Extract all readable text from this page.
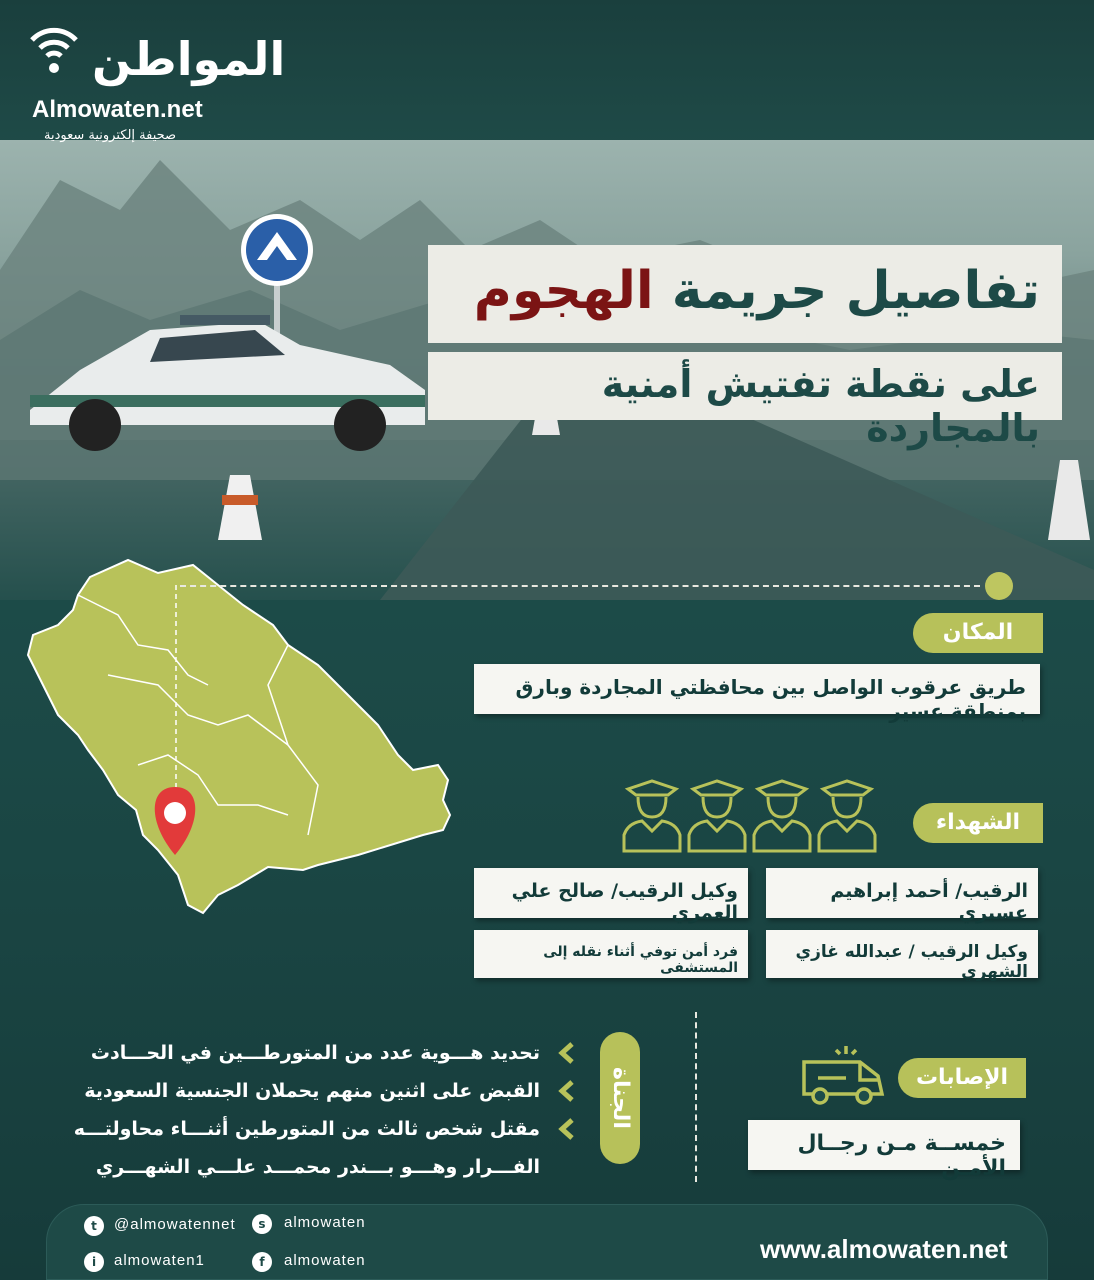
المواطن
Almowaten.net
صحيفة إلكترونية سعودية
تفاصيل جريمة الهجوم
على نقطة تفتيش أمنية بالمجاردة
المكان
طريق عرقوب الواصل بين محافظتي المجاردة وبارق بمنطقة عسير
الشهداء
الرقيب/ أحمد إبراهيم عسيري
وكيل الرقيب/ صالح علي العمري
وكيل الرقيب / عبدالله غازي الشهري
فرد أمن توفي أثناء نقله إلى المستشفى
الجناة
تحديد هـــوية عدد من المتورطـــين في الحـــادث
القبض على اثنين منهم يحملان الجنسية السعودية
مقتل شخص ثالث من المتورطين أثنـــاء محاولتـــه
الفـــرار وهـــو بـــندر محمـــد علـــي الشهـــري
الإصابات
خمســة مـن رجــال الأمـن
t	@almowatennet	s	almowaten
i	almowaten1	f	almowaten	www.almowaten.net
